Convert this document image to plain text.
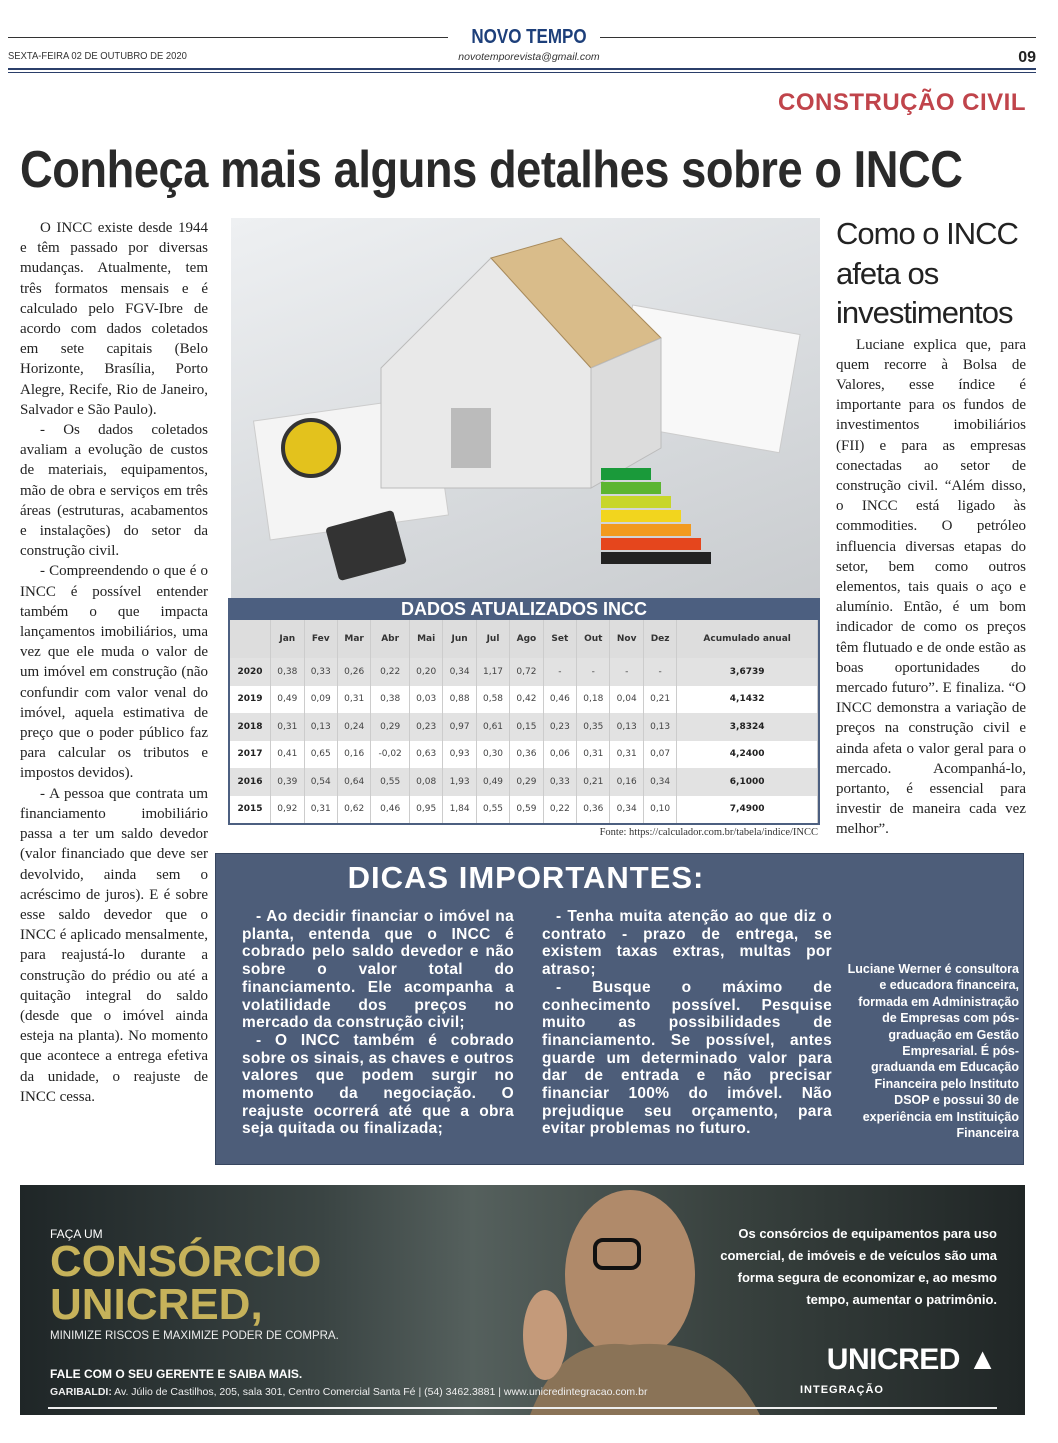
NOVO TEMPO
SEXTA-FEIRA 02 DE OUTUBRO DE 2020	novotemporevista@gmail.com	09
CONSTRUÇÃO CIVIL
Conheça mais alguns detalhes sobre o INCC

O INCC existe desde 1944 e têm passado por diversas mudanças. Atualmente, tem três formatos mensais e é calculado pelo FGV-Ibre de acordo com dados coletados em sete capitais (Belo Horizonte, Brasília, Porto Alegre, Recife, Rio de Janeiro, Salvador e São Paulo).

- Os dados coletados avaliam a evolução de custos de materiais, equipamentos, mão de obra e serviços em três áreas (estruturas, acabamentos e instalações) do setor da construção civil.

- Compreendendo o que é o INCC é possível entender também o que impacta lançamentos imobiliários, uma vez que ele muda o valor de um imóvel em construção (não confundir com valor venal do imóvel, aquela estimativa de preço que o poder público faz para calcular os tributos e impostos devidos).

- A pessoa que contrata um financiamento imobiliário passa a ter um saldo devedor (valor financiado que deve ser devolvido, ainda sem o acréscimo de juros). E é sobre esse saldo devedor que o INCC é aplicado mensalmente, para reajustá-lo durante a construção do prédio ou até a quitação integral do saldo (desde que o imóvel ainda esteja na planta). No momento que acontece a entrega efetiva da unidade, o reajuste de INCC cessa.

DADOS ATUALIZADOS INCC
	Jan	Fev	Mar	Abr	Mai	Jun	Jul	Ago	Set	Out	Nov	Dez	Acumulado anual
2020	0,38	0,33	0,26	0,22	0,20	0,34	1,17	0,72	-	-	-	-	3,6739
2019	0,49	0,09	0,31	0,38	0,03	0,88	0,58	0,42	0,46	0,18	0,04	0,21	4,1432
2018	0,31	0,13	0,24	0,29	0,23	0,97	0,61	0,15	0,23	0,35	0,13	0,13	3,8324
2017	0,41	0,65	0,16	-0,02	0,63	0,93	0,30	0,36	0,06	0,31	0,31	0,07	4,2400
2016	0,39	0,54	0,64	0,55	0,08	1,93	0,49	0,29	0,33	0,21	0,16	0,34	6,1000
2015	0,92	0,31	0,62	0,46	0,95	1,84	0,55	0,59	0,22	0,36	0,34	0,10	7,4900
Fonte: https://calculador.com.br/tabela/indice/INCC
Como o INCC afeta os investimentos

Luciane explica que, para quem recorre à Bolsa de Valores, esse índice é importante para os fundos de investimentos imobiliários (FII) e para as empresas conectadas ao setor de construção civil. “Além disso, o INCC está ligado às commodities. O petróleo influencia diversas etapas do setor, bem como outros elementos, tais quais o aço e alumínio. Então, é um bom indicador de como os preços têm flutuado e de onde estão as boas oportunidades do mercado futuro”. E finaliza. “O INCC demonstra a variação de preços na construção civil e ainda afeta o valor geral para o mercado. Acompanhá-lo, portanto, é essencial para investir de maneira cada vez melhor”.

DICAS IMPORTANTES:

- Ao decidir financiar o imóvel na planta, entenda que o INCC é cobrado pelo saldo devedor e não sobre o valor total do financiamento. Ele acompanha a volatilidade dos preços no mercado da construção civil;

- O INCC também é cobrado sobre os sinais, as chaves e outros valores que podem surgir no momento da negociação. O reajuste ocorrerá até que a obra seja quitada ou finalizada;

- Tenha muita atenção ao que diz o contrato - prazo de entrega, se existem taxas extras, multas por atraso;

- Busque o máximo de conhecimento possível. Pesquise muito as possibilidades de financiamento. Se possível, antes guarde um determinado valor para dar de entrada e não precisar financiar 100% do imóvel. Não prejudique seu orçamento, para evitar problemas no futuro.

Luciane Werner é consultora e educadora financeira, formada em Administração de Empresas com pós-graduação em Gestão Empresarial. É pós-graduanda em Educação Financeira pelo Instituto DSOP e possui 30 de experiência em Instituição Financeira
FAÇA UM
CONSÓRCIO
UNICRED,
MINIMIZE RISCOS E MAXIMIZE PODER DE COMPRA.
FALE COM O SEU GERENTE E SAIBA MAIS.
GARIBALDI: Av. Júlio de Castilhos, 205, sala 301, Centro Comercial Santa Fé | (54) 3462.3881 | www.unicredintegracao.com.br
Os consórcios de equipamentos para uso comercial, de imóveis e de veículos são uma forma segura de economizar e, ao mesmo tempo, aumentar o patrimônio.
UNICRED ▲
INTEGRAÇÃO
